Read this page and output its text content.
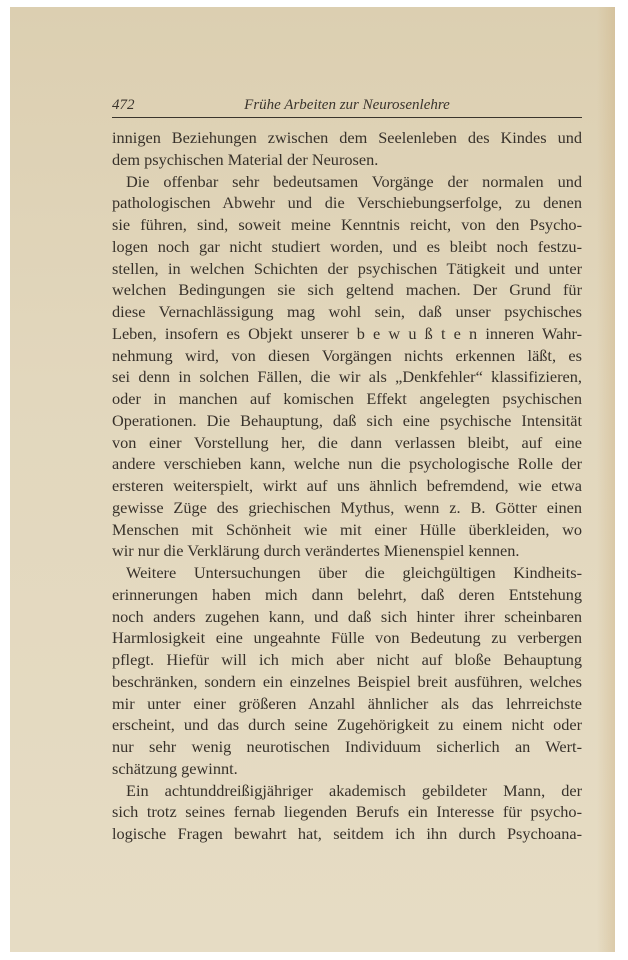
472	Frühe Arbeiten zur Neurosenlehre
innigen Beziehungen zwischen dem Seelenleben des Kindes und
dem psychischen Material der Neurosen.
Die offenbar sehr bedeutsamen Vorgänge der normalen und
pathologischen Abwehr und die Verschiebungserfolge, zu denen
sie führen, sind, soweit meine Kenntnis reicht, von den Psycho-
logen noch gar nicht studiert worden, und es bleibt noch festzu-
stellen, in welchen Schichten der psychischen Tätigkeit und unter
welchen Bedingungen sie sich geltend machen. Der Grund für
diese Vernachlässigung mag wohl sein, daß unser psychisches
Leben, insofern es Objekt unserer b e w u ß t e n inneren Wahr-
nehmung wird, von diesen Vorgängen nichts erkennen läßt, es
sei denn in solchen Fällen, die wir als „Denkfehler“ klassifizieren,
oder in manchen auf komischen Effekt angelegten psychischen
Operationen. Die Behauptung, daß sich eine psychische Intensität
von einer Vorstellung her, die dann verlassen bleibt, auf eine
andere verschieben kann, welche nun die psychologische Rolle der
ersteren weiterspielt, wirkt auf uns ähnlich befremdend, wie etwa
gewisse Züge des griechischen Mythus, wenn z. B. Götter einen
Menschen mit Schönheit wie mit einer Hülle überkleiden, wo
wir nur die Verklärung durch verändertes Mienenspiel kennen.
Weitere Untersuchungen über die gleichgültigen Kindheits-
erinnerungen haben mich dann belehrt, daß deren Entstehung
noch anders zugehen kann, und daß sich hinter ihrer scheinbaren
Harmlosigkeit eine ungeahnte Fülle von Bedeutung zu verbergen
pflegt. Hiefür will ich mich aber nicht auf bloße Behauptung
beschränken, sondern ein einzelnes Beispiel breit ausführen, welches
mir unter einer größeren Anzahl ähnlicher als das lehrreichste
erscheint, und das durch seine Zugehörigkeit zu einem nicht oder
nur sehr wenig neurotischen Individuum sicherlich an Wert-
schätzung gewinnt.
Ein achtunddreißigjähriger akademisch gebildeter Mann, der
sich trotz seines fernab liegenden Berufs ein Interesse für psycho-
logische Fragen bewahrt hat, seitdem ich ihn durch Psychoana-
